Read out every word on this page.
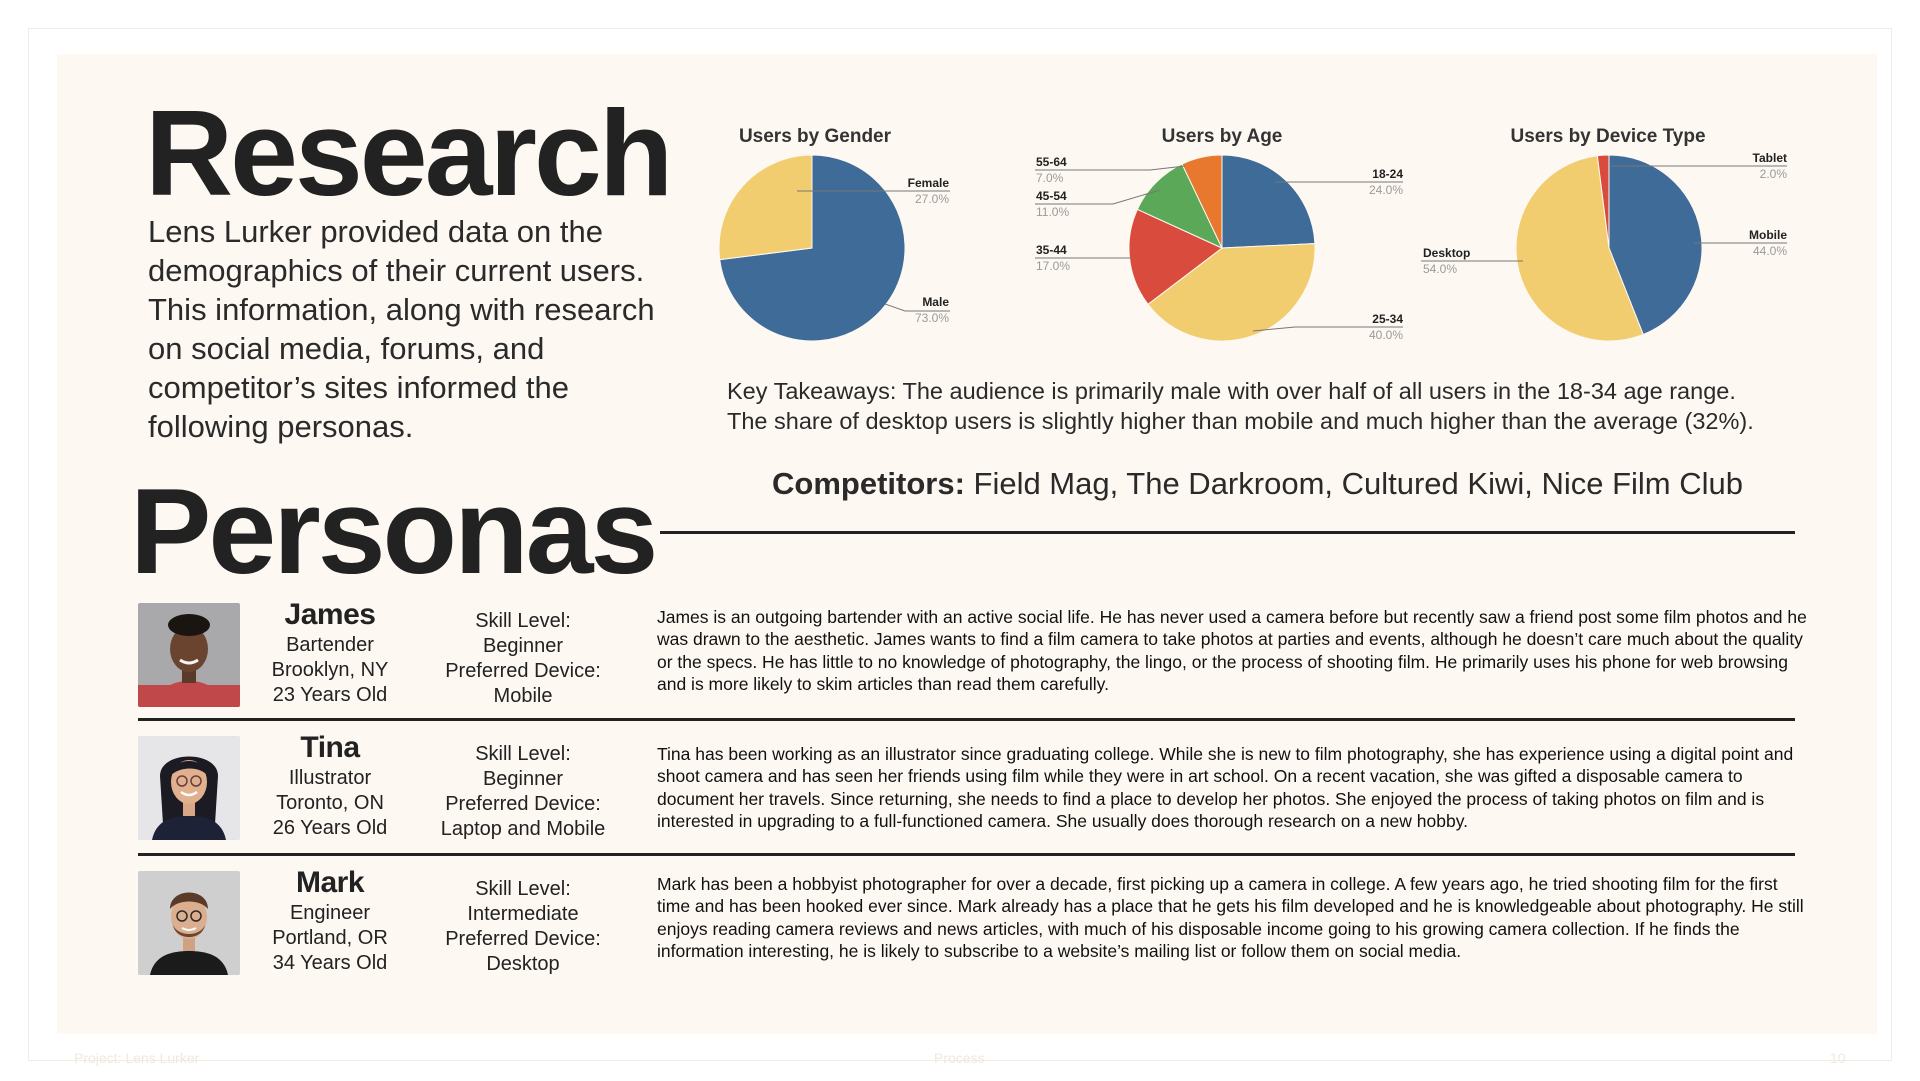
Research

Lens Lurker provided data on the demographics of their current users. This information, along with research on social media, forums, and competitor’s sites informed the following personas.

Users by Gender
Female
27.0%
Male
73.0%
Users by Age
55-64
7.0%
45-54
11.0%
35-44
17.0%
18-24
24.0%
25-34
40.0%
Users by Device Type
Tablet
2.0%
Mobile
44.0%
Desktop
54.0%
Key Takeaways: The audience is primarily male with over half of all users in the 18-34 age range.
The share of desktop users is slightly higher than mobile and much higher than the average (32%).

Competitors: Field Mag, The Darkroom, Cultured Kiwi, Nice Film Club

Personas
James
Bartender
Brooklyn, NY
23 Years Old
Skill Level:
Beginner
Preferred Device:
Mobile
James is an outgoing bartender with an active social life. He has never used a camera before but recently saw a friend post some film photos and he was drawn to the aesthetic. James wants to find a film camera to take photos at parties and events, although he doesn’t care much about the quality or the specs. He has little to no knowledge of photography, the lingo, or the process of shooting film. He primarily uses his phone for web browsing and is more likely to skim articles than read them carefully.
Tina
Illustrator
Toronto, ON
26 Years Old
Skill Level:
Beginner
Preferred Device:
Laptop and Mobile
Tina has been working as an illustrator since graduating college. While she is new to film photography, she has experience using a digital point and shoot camera and has seen her friends using film while they were in art school. On a recent vacation, she was gifted a disposable camera to document her travels. Since returning, she needs to find a place to develop her photos. She enjoyed the process of taking photos on film and is interested in upgrading to a full-functioned camera. She usually does thorough research on a new hobby.
Mark
Engineer
Portland, OR
34 Years Old
Skill Level:
Intermediate
Preferred Device:
Desktop
Mark has been a hobbyist photographer for over a decade, first picking up a camera in college. A few years ago, he tried shooting film for the first time and has been hooked ever since. Mark already has a place that he gets his film developed and he is knowledgeable about photography. He still enjoys reading camera reviews and news articles, with much of his disposable income going to his growing camera collection. If he finds the information interesting, he is likely to subscribe to a website’s mailing list or follow them on social media.
Project: Lens Lurker	Process	10
